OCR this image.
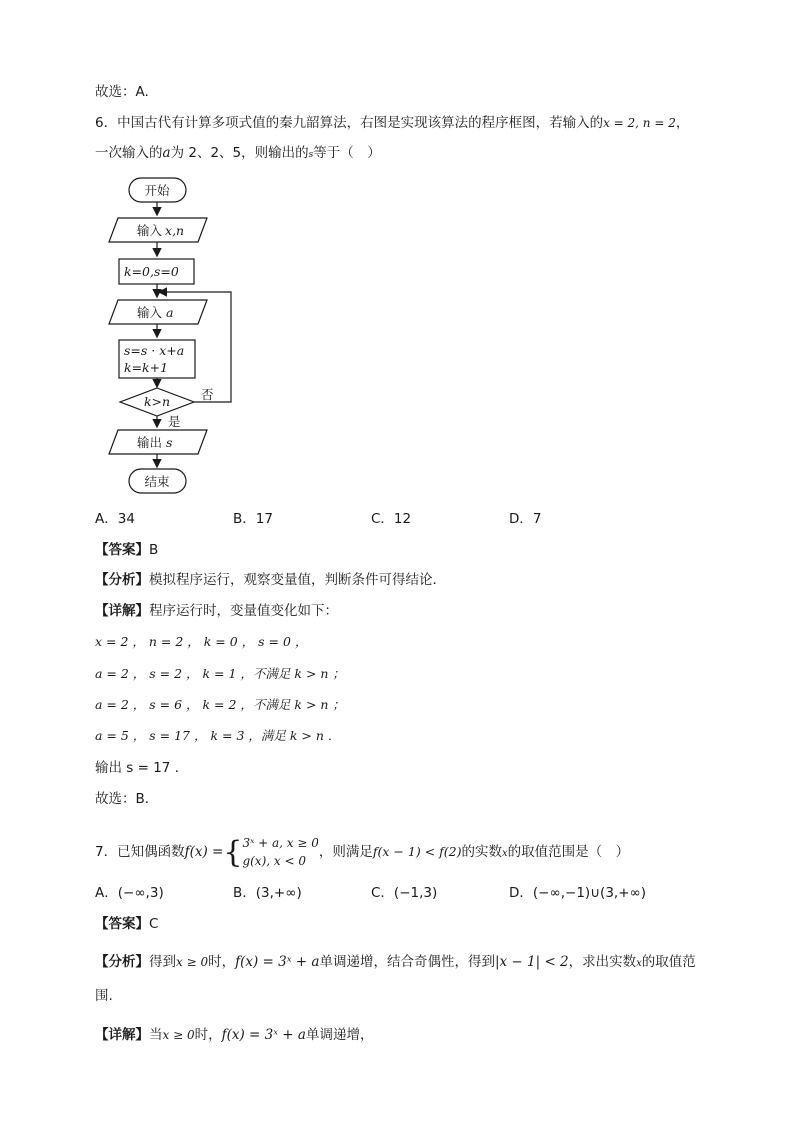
故选：A.
6．中国古代有计算多项式值的秦九韶算法，右图是实现该算法的程序框图，若输入的x = 2, n = 2，
一次输入的a为 2、2、5，则输出的s等于（　）
开始
输入 x,n
k=0,s=0
输入 a
s=s · x+a
k=k+1
k>n 否
是
输出 s
结束
A．34	B．17	C．12	D．7
【答案】B
【分析】模拟程序运行，观察变量值，判断条件可得结论．
【详解】程序运行时，变量值变化如下：
x = 2 ， n = 2 ， k = 0 ， s = 0 ，
a = 2 ， s = 2 ， k = 1 ，不满足 k > n ；
a = 2 ， s = 6 ， k = 2 ，不满足 k > n ；
a = 5 ， s = 17 ， k = 3 ，满足 k > n ．
输出 s = 17 ．
故选：B．
7．已知偶函数f(x) ={ 3ˣ + a, x ≥ 0
g(x), x < 0
，则满足f(x − 1) < f(2)的实数x的取值范围是（　）
A．(−∞,3)	B．(3,+∞)	C．(−1,3)	D．(−∞,−1)∪(3,+∞)
【答案】C
【分析】得到x ≥ 0时，f(x) = 3ˣ + a单调递增，结合奇偶性，得到|x − 1| < 2，求出实数x的取值范
围.
【详解】当x ≥ 0时，f(x) = 3ˣ + a单调递增，
